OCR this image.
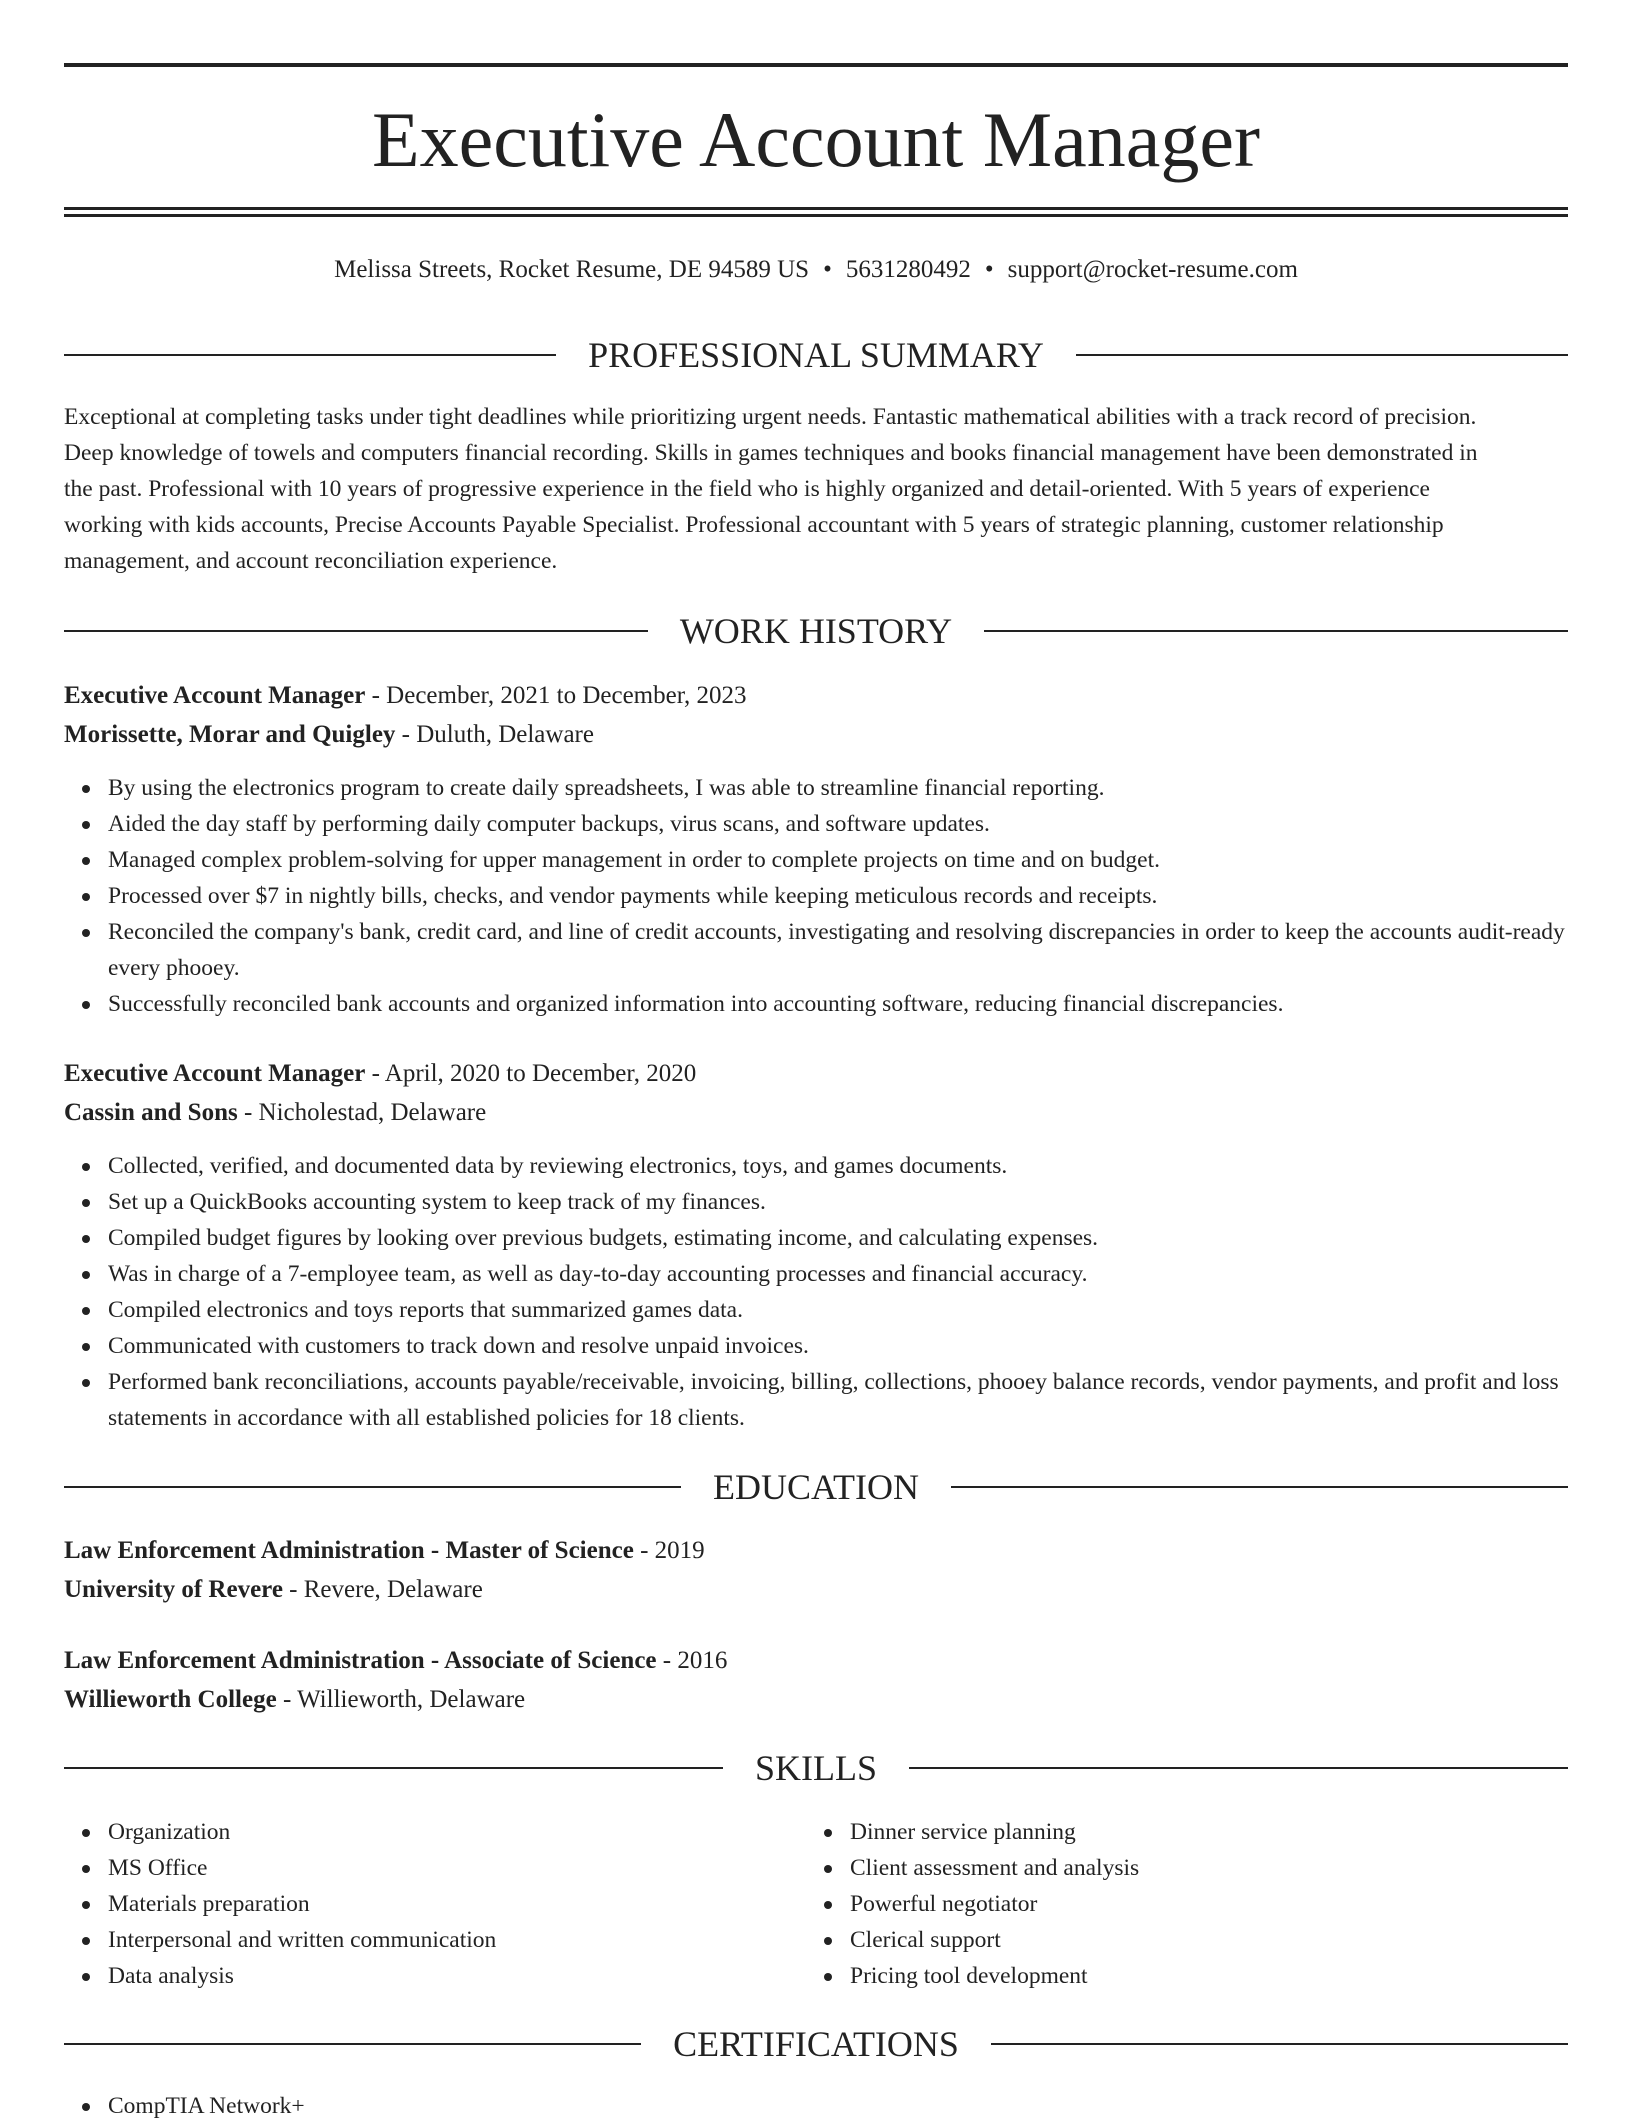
Executive Account Manager
Melissa Streets, Rocket Resume, DE 94589 US • 5631280492 • support@rocket-resume.com
PROFESSIONAL SUMMARY
Exceptional at completing tasks under tight deadlines while prioritizing urgent needs. Fantastic mathematical abilities with a track record of precision.
Deep knowledge of towels and computers financial recording. Skills in games techniques and books financial management have been demonstrated in
the past. Professional with 10 years of progressive experience in the field who is highly organized and detail-oriented. With 5 years of experience
working with kids accounts, Precise Accounts Payable Specialist. Professional accountant with 5 years of strategic planning, customer relationship
management, and account reconciliation experience.
WORK HISTORY
Executive Account Manager - December, 2021 to December, 2023
Morissette, Morar and Quigley - Duluth, Delaware
By using the electronics program to create daily spreadsheets, I was able to streamline financial reporting.
Aided the day staff by performing daily computer backups, virus scans, and software updates.
Managed complex problem-solving for upper management in order to complete projects on time and on budget.
Processed over $7 in nightly bills, checks, and vendor payments while keeping meticulous records and receipts.
Reconciled the company's bank, credit card, and line of credit accounts, investigating and resolving discrepancies in order to keep the accounts audit-ready every phooey.
Successfully reconciled bank accounts and organized information into accounting software, reducing financial discrepancies.
Executive Account Manager - April, 2020 to December, 2020
Cassin and Sons - Nicholestad, Delaware
Collected, verified, and documented data by reviewing electronics, toys, and games documents.
Set up a QuickBooks accounting system to keep track of my finances.
Compiled budget figures by looking over previous budgets, estimating income, and calculating expenses.
Was in charge of a 7-employee team, as well as day-to-day accounting processes and financial accuracy.
Compiled electronics and toys reports that summarized games data.
Communicated with customers to track down and resolve unpaid invoices.
Performed bank reconciliations, accounts payable/receivable, invoicing, billing, collections, phooey balance records, vendor payments, and profit and loss statements in accordance with all established policies for 18 clients.
EDUCATION
Law Enforcement Administration - Master of Science - 2019
University of Revere - Revere, Delaware
Law Enforcement Administration - Associate of Science - 2016
Willieworth College - Willieworth, Delaware
SKILLS
Organization
MS Office
Materials preparation
Interpersonal and written communication
Data analysis
Dinner service planning
Client assessment and analysis
Powerful negotiator
Clerical support
Pricing tool development
CERTIFICATIONS
CompTIA Network+
